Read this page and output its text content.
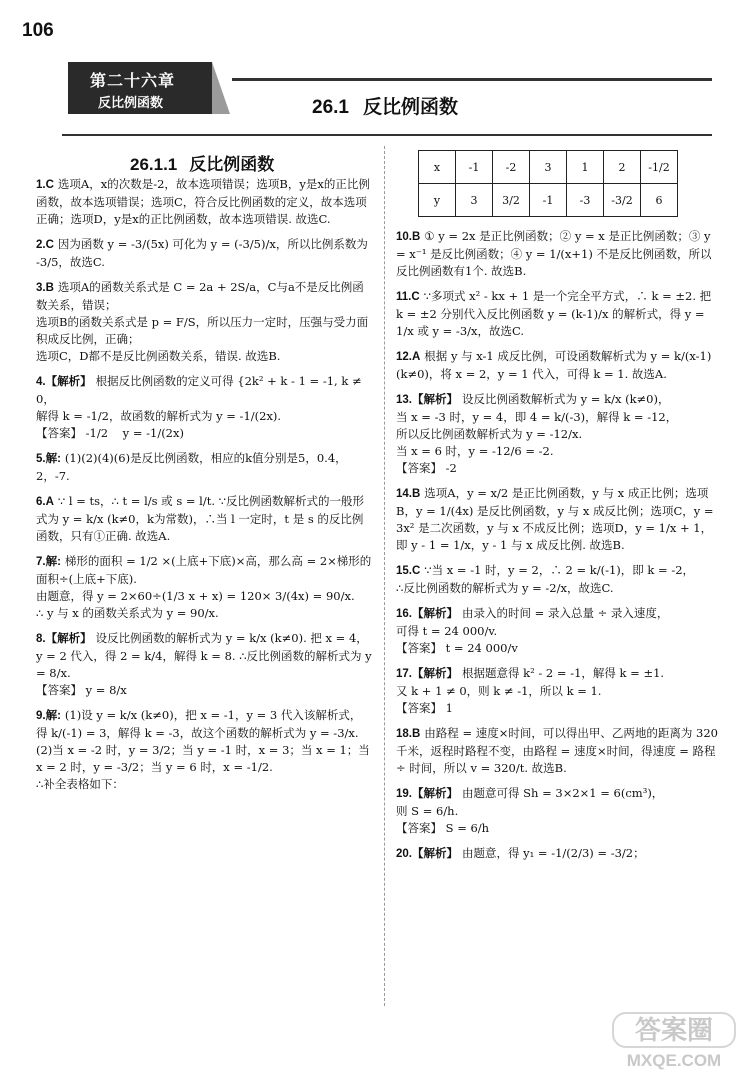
106
第二十六章
反比例函数	26.1 反比例函数
26.1.1 反比例函数	x	-1	-2	3	1	2	-1/2
y	3	3/2	-1	-3	-3/2	6
1.C 选项A，x的次数是-2，故本选项错误；选项B，y是x的正比例函数，故本选项错误；选项C，符合反比例函数的定义，故本选项正确；选项D，y是x的正比例函数，故本选项错误. 故选C.
2.C 因为函数 y = -3/(5x) 可化为 y = (-3/5)/x，所以比例系数为 -3/5，故选C.
3.B 选项A的函数关系式是 C = 2a + 2S/a，C与a不是反比例函数关系，错误；
选项B的函数关系式是 p = F/S，所以压力一定时，压强与受力面积成反比例，正确；
选项C，D都不是反比例函数关系，错误. 故选B.
4.【解析】 根据反比例函数的定义可得 {2k² + k - 1 = -1, k ≠ 0，
解得 k = -1/2，故函数的解析式为 y = -1/(2x).
【答案】 -1/2    y = -1/(2x)
5.解: (1)(2)(4)(6)是反比例函数，相应的k值分别是5，0.4，2，-7.
6.A ∵ l = ts，∴ t = l/s 或 s = l/t. ∵反比例函数解析式的一般形式为 y = k/x (k≠0，k为常数)，∴当 l 一定时，t 是 s 的反比例函数，只有①正确. 故选A.
7.解: 梯形的面积 = 1/2 ×(上底+下底)×高，那么高 = 2×梯形的面积÷(上底+下底).
由题意，得 y = 2×60÷(1/3 x + x) = 120× 3/(4x) = 90/x.
∴ y 与 x 的函数关系式为 y = 90/x.
8.【解析】 设反比例函数的解析式为 y = k/x (k≠0). 把 x = 4，y = 2 代入，得 2 = k/4，解得 k = 8. ∴反比例函数的解析式为 y = 8/x.
【答案】 y = 8/x
9.解: (1)设 y = k/x (k≠0)，把 x = -1，y = 3 代入该解析式，得 k/(-1) = 3，解得 k = -3，故这个函数的解析式为 y = -3/x.
(2)当 x = -2 时，y = 3/2；当 y = -1 时，x = 3；当 x = 1；当 x = 2 时，y = -3/2；当 y = 6 时，x = -1/2.
∴补全表格如下：
10.B ① y = 2x 是正比例函数；② y = x 是正比例函数；③ y = x⁻¹ 是反比例函数；④ y = 1/(x+1) 不是反比例函数，所以反比例函数有1个. 故选B.
11.C ∵多项式 x² - kx + 1 是一个完全平方式，∴ k = ±2. 把 k = ±2 分别代入反比例函数 y = (k-1)/x 的解析式，得 y = 1/x 或 y = -3/x，故选C.
12.A 根据 y 与 x-1 成反比例，可设函数解析式为 y = k/(x-1) (k≠0)，将 x = 2，y = 1 代入，可得 k = 1. 故选A.
13.【解析】 设反比例函数解析式为 y = k/x (k≠0)，
当 x = -3 时，y = 4，即 4 = k/(-3)，解得 k = -12，
所以反比例函数解析式为 y = -12/x.
当 x = 6 时，y = -12/6 = -2.
【答案】 -2
14.B 选项A，y = x/2 是正比例函数，y 与 x 成正比例；选项B，y = 1/(4x) 是反比例函数，y 与 x 成反比例；选项C，y = 3x² 是二次函数，y 与 x 不成反比例；选项D，y = 1/x + 1，即 y - 1 = 1/x，y - 1 与 x 成反比例. 故选B.
15.C ∵当 x = -1 时，y = 2，∴ 2 = k/(-1)，即 k = -2，
∴反比例函数的解析式为 y = -2/x，故选C.
16.【解析】 由录入的时间 = 录入总量 ÷ 录入速度，
可得 t = 24 000/v.
【答案】 t = 24 000/v
17.【解析】 根据题意得 k² - 2 = -1，解得 k = ±1.
又 k + 1 ≠ 0，则 k ≠ -1，所以 k = 1.
【答案】 1
18.B 由路程 = 速度×时间，可以得出甲、乙两地的距离为 320 千米，返程时路程不变，由路程 = 速度×时间，得速度 = 路程 ÷ 时间，所以 v = 320/t. 故选B.
19.【解析】 由题意可得 Sh = 3×2×1 = 6(cm³)，
则 S = 6/h.
【答案】 S = 6/h
20.【解析】 由题意，得 y₁ = -1/(2/3) = -3/2；
答案圈
MXQE.COM
